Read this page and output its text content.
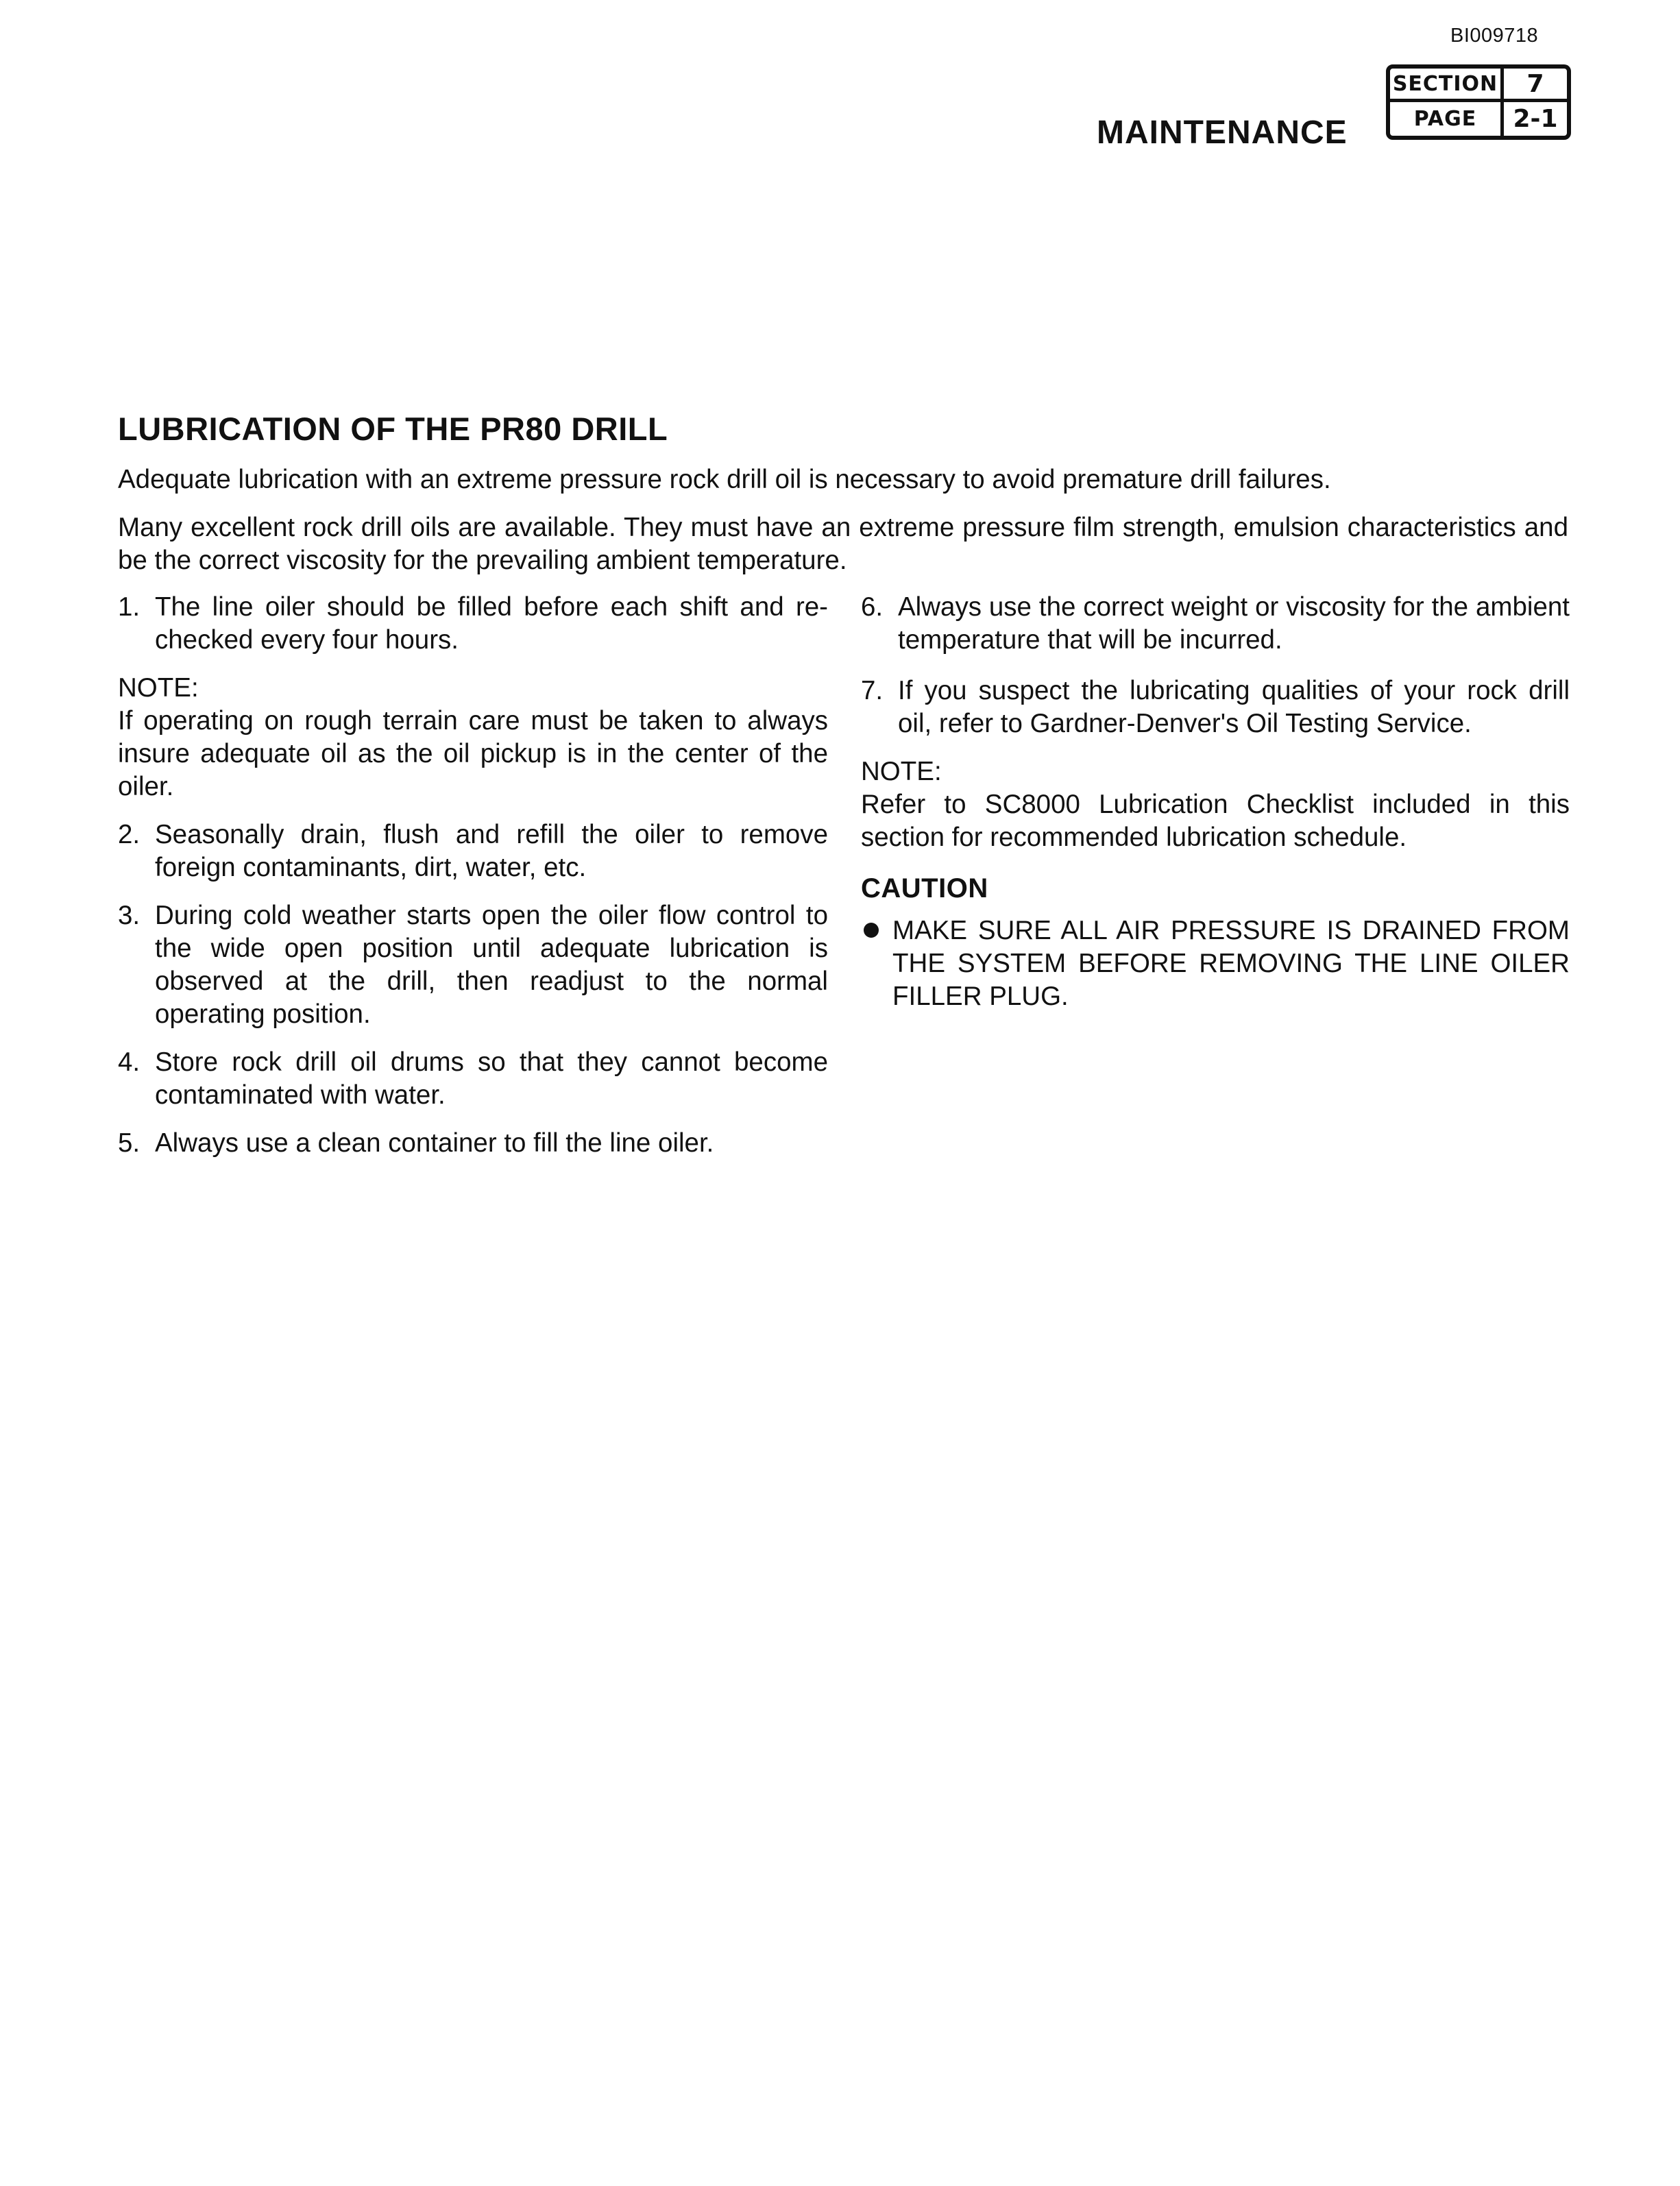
BI009718
MAINTENANCE
SECTION	7
PAGE	2-1
LUBRICATION OF THE PR80 DRILL
Adequate lubrication with an extreme pressure rock drill oil is necessary to avoid premature drill failures.
Many excellent rock drill oils are available. They must have an extreme pressure film strength, emulsion characteristics and be the correct viscosity for the prevailing ambient temperature.
1. The line oiler should be filled before each shift and re-checked every four hours.

NOTE:

If operating on rough terrain care must be taken to always insure adequate oil as the oil pickup is in the center of the oiler.

2. Seasonally drain, flush and refill the oiler to remove foreign contaminants, dirt, water, etc.
3. During cold weather starts open the oiler flow control to the wide open position until adequate lubrication is observed at the drill, then readjust to the normal operating position.
4. Store rock drill oil drums so that they cannot become contaminated with water.
5. Always use a clean container to fill the line oiler.
6. Always use the correct weight or viscosity for the ambient temperature that will be incurred.
7. If you suspect the lubricating qualities of your rock drill oil, refer to Gardner-Denver's Oil Testing Service.

NOTE:

Refer to SC8000 Lubrication Checklist included in this section for recommended lubrication schedule.

CAUTION

MAKE SURE ALL AIR PRESSURE IS DRAINED FROM THE SYSTEM BEFORE REMOVING THE LINE OILER FILLER PLUG.
